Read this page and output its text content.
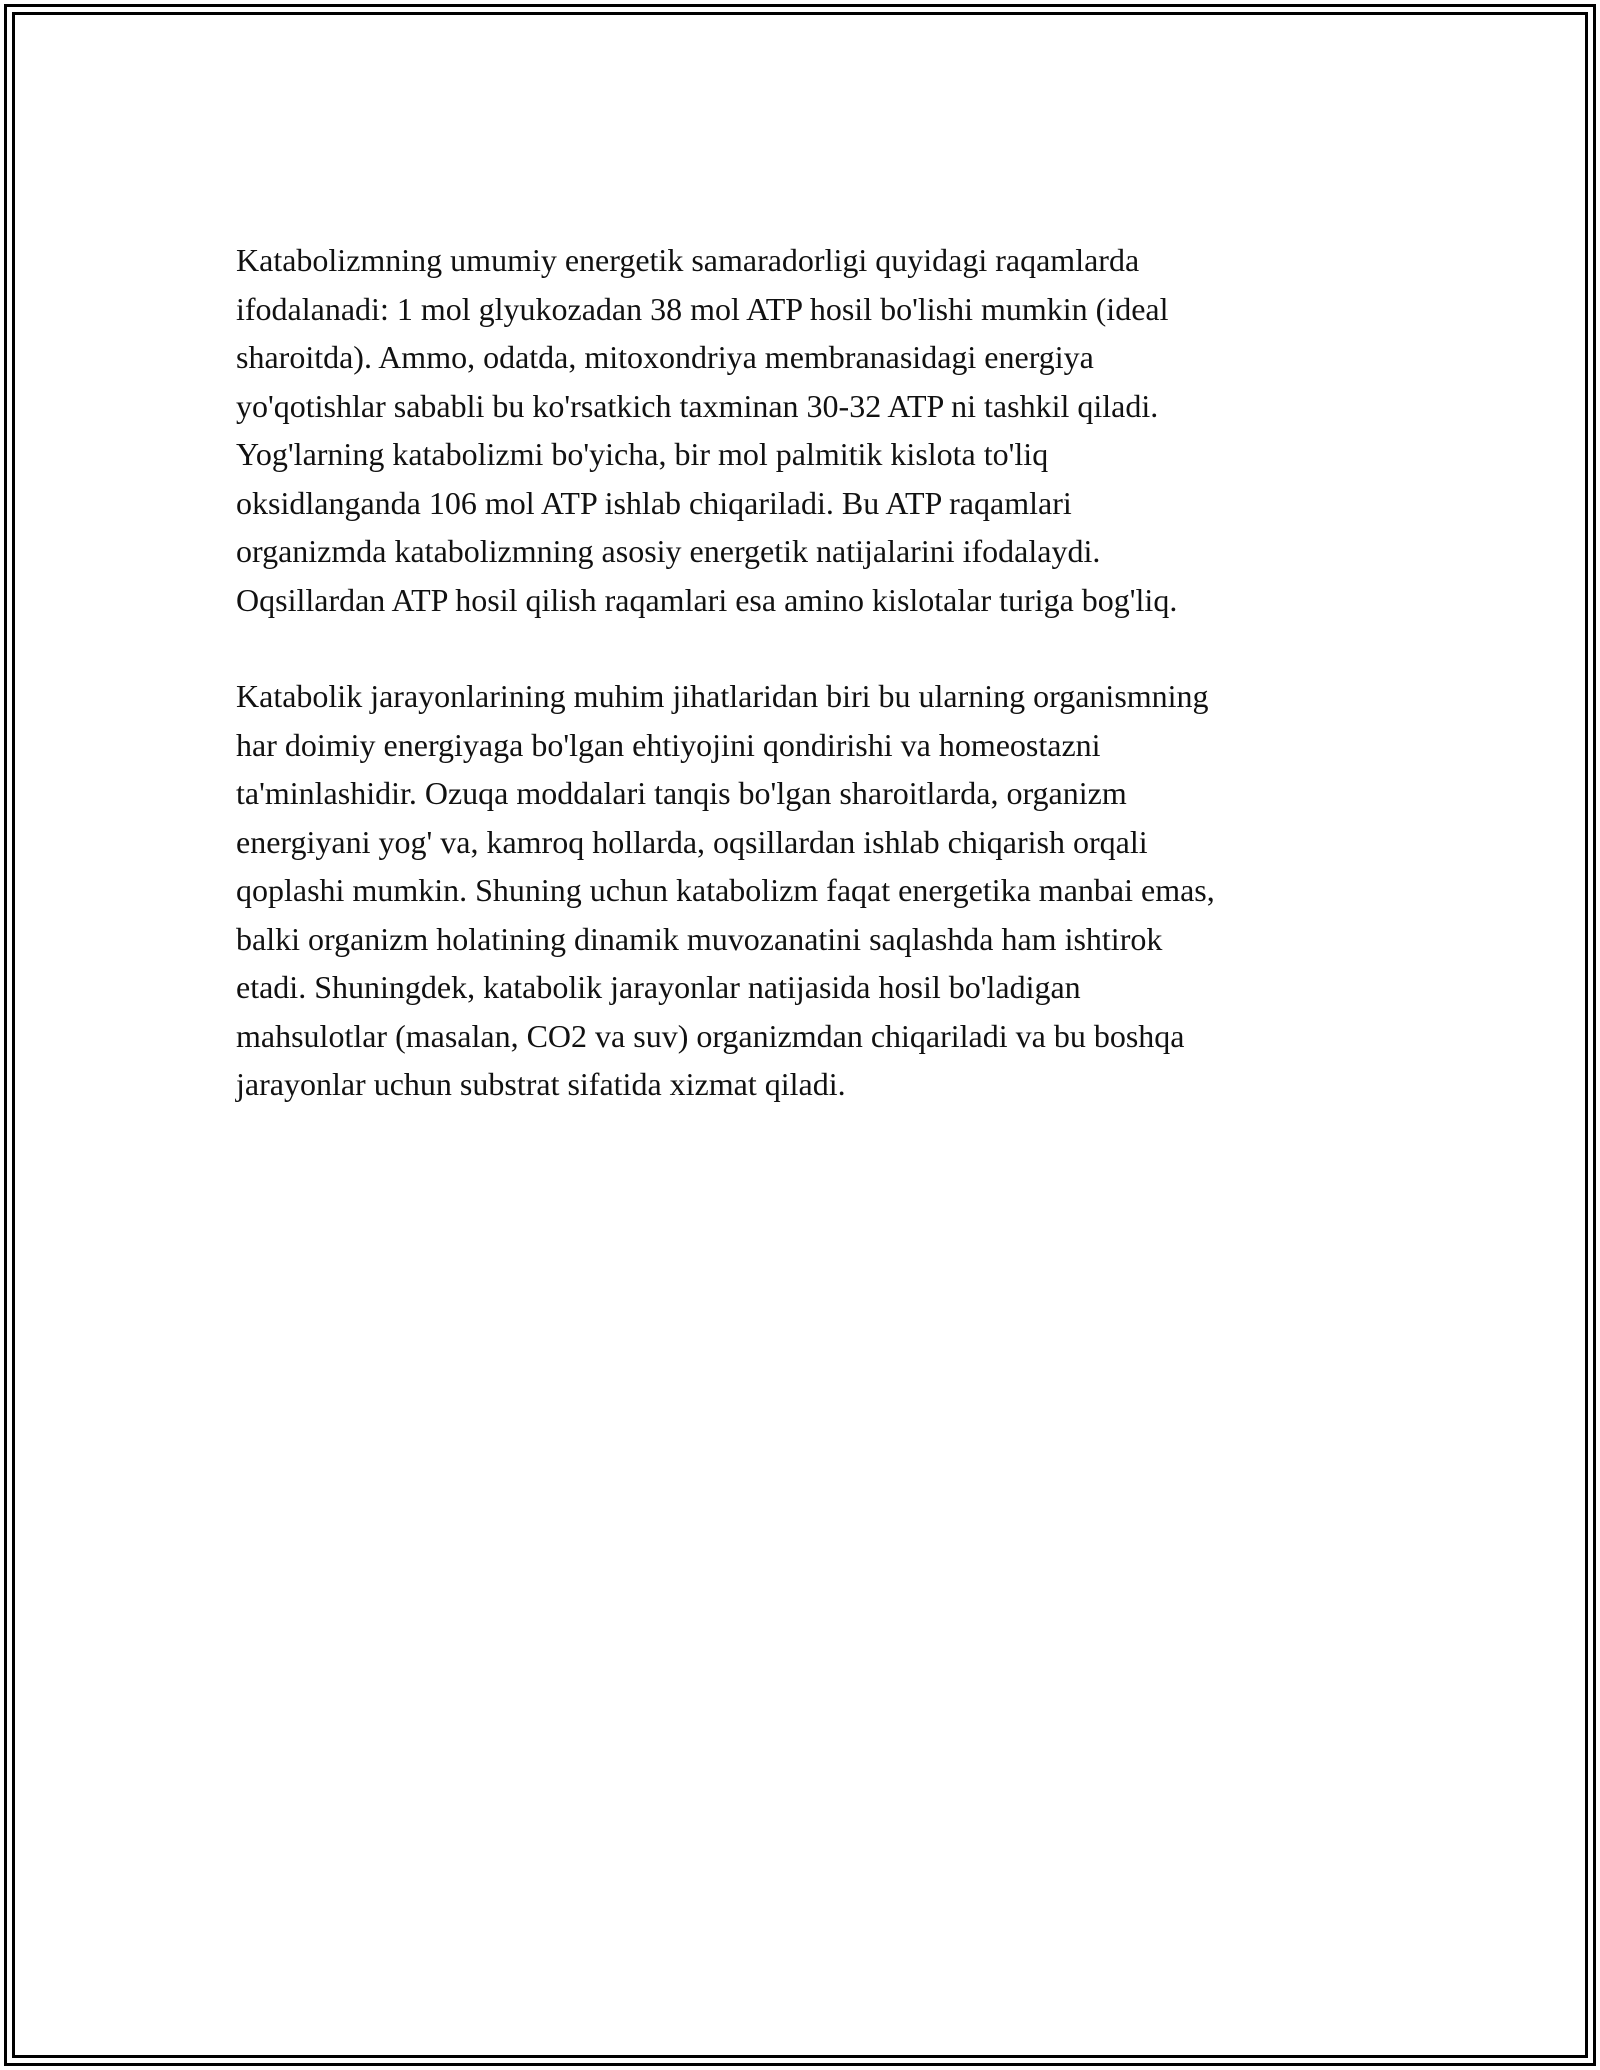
Katabolizmning umumiy energetik samaradorligi quyidagi raqamlarda
ifodalanadi: 1 mol glyukozadan 38 mol ATP hosil bo'lishi mumkin (ideal
sharoitda). Ammo, odatda, mitoxondriya membranasidagi energiya
yo'qotishlar sababli bu ko'rsatkich taxminan 30-32 ATP ni tashkil qiladi.
Yog'larning katabolizmi bo'yicha, bir mol palmitik kislota to'liq
oksidlanganda 106 mol ATP ishlab chiqariladi. Bu ATP raqamlari
organizmda katabolizmning asosiy energetik natijalarini ifodalaydi.
Oqsillardan ATP hosil qilish raqamlari esa amino kislotalar turiga bog'liq.

Katabolik jarayonlarining muhim jihatlaridan biri bu ularning organismning
har doimiy energiyaga bo'lgan ehtiyojini qondirishi va homeostazni
ta'minlashidir. Ozuqa moddalari tanqis bo'lgan sharoitlarda, organizm
energiyani yog' va, kamroq hollarda, oqsillardan ishlab chiqarish orqali
qoplashi mumkin. Shuning uchun katabolizm faqat energetika manbai emas,
balki organizm holatining dinamik muvozanatini saqlashda ham ishtirok
etadi. Shuningdek, katabolik jarayonlar natijasida hosil bo'ladigan
mahsulotlar (masalan, CO2 va suv) organizmdan chiqariladi va bu boshqa
jarayonlar uchun substrat sifatida xizmat qiladi.
